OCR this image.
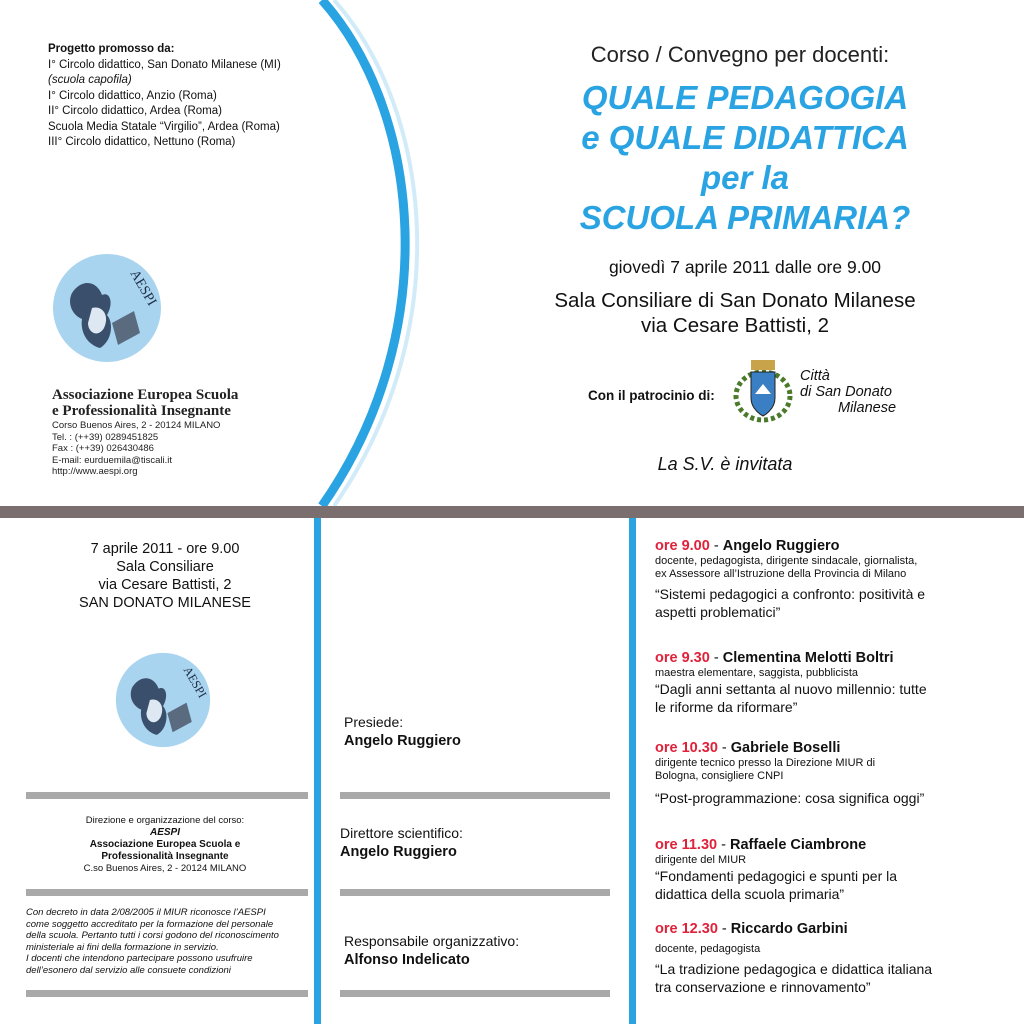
Progetto promosso da:
I° Circolo didattico, San Donato Milanese (MI)
(scuola capofila)
I° Circolo didattico, Anzio (Roma)
II° Circolo didattico, Ardea (Roma)
Scuola Media Statale “Virgilio”, Ardea (Roma)
III° Circolo didattico, Nettuno (Roma)
AESPI
Associazione Europea Scuola
e Professionalità Insegnante
Corso Buenos Aires, 2 - 20124 MILANO
Tel. : (++39) 0289451825
Fax : (++39) 026430486
E-mail: eurduemila@tiscali.it
http://www.aespi.org
Corso / Convegno per docenti:
QUALE PEDAGOGIA
e QUALE DIDATTICA
per la
SCUOLA PRIMARIA?
giovedì 7 aprile 2011 dalle ore 9.00
Sala Consiliare di San Donato Milanese
via Cesare Battisti, 2
Con il patrocinio di:
Città
di San Donato
Milanese
La S.V. è invitata
7 aprile 2011 - ore 9.00
Sala Consiliare
via Cesare Battisti, 2
SAN DONATO MILANESE
AESPI
Direzione e organizzazione del corso:
AESPI
Associazione Europea Scuola e
Professionalità Insegnante
C.so Buenos Aires, 2 - 20124 MILANO
Con decreto in data 2/08/2005 il MIUR riconosce l’AESPI
come soggetto accreditato per la formazione del personale
della scuola. Pertanto tutti i corsi godono del riconoscimento
ministeriale ai fini della formazione in servizio.
I docenti che intendono partecipare possono usufruire
dell’esonero dal servizio alle consuete condizioni
Presiede:
Angelo Ruggiero
Direttore scientifico:
Angelo Ruggiero
Responsabile organizzativo:
Alfonso Indelicato
ore 9.00 - Angelo Ruggiero
docente, pedagogista, dirigente sindacale, giornalista,
ex Assessore all’Istruzione della Provincia di Milano
“Sistemi pedagogici a confronto: positività e
aspetti problematici”
ore 9.30 - Clementina Melotti Boltri
maestra elementare, saggista, pubblicista
“Dagli anni settanta al nuovo millennio: tutte
le riforme da riformare”
ore 10.30 - Gabriele Boselli
dirigente tecnico presso la Direzione MIUR di
Bologna, consigliere CNPI
“Post-programmazione: cosa significa oggi”
ore 11.30 - Raffaele Ciambrone
dirigente del MIUR
“Fondamenti pedagogici e spunti per la
didattica della scuola primaria”
ore 12.30 - Riccardo Garbini
docente, pedagogista
“La tradizione pedagogica e didattica italiana
tra conservazione e rinnovamento”
